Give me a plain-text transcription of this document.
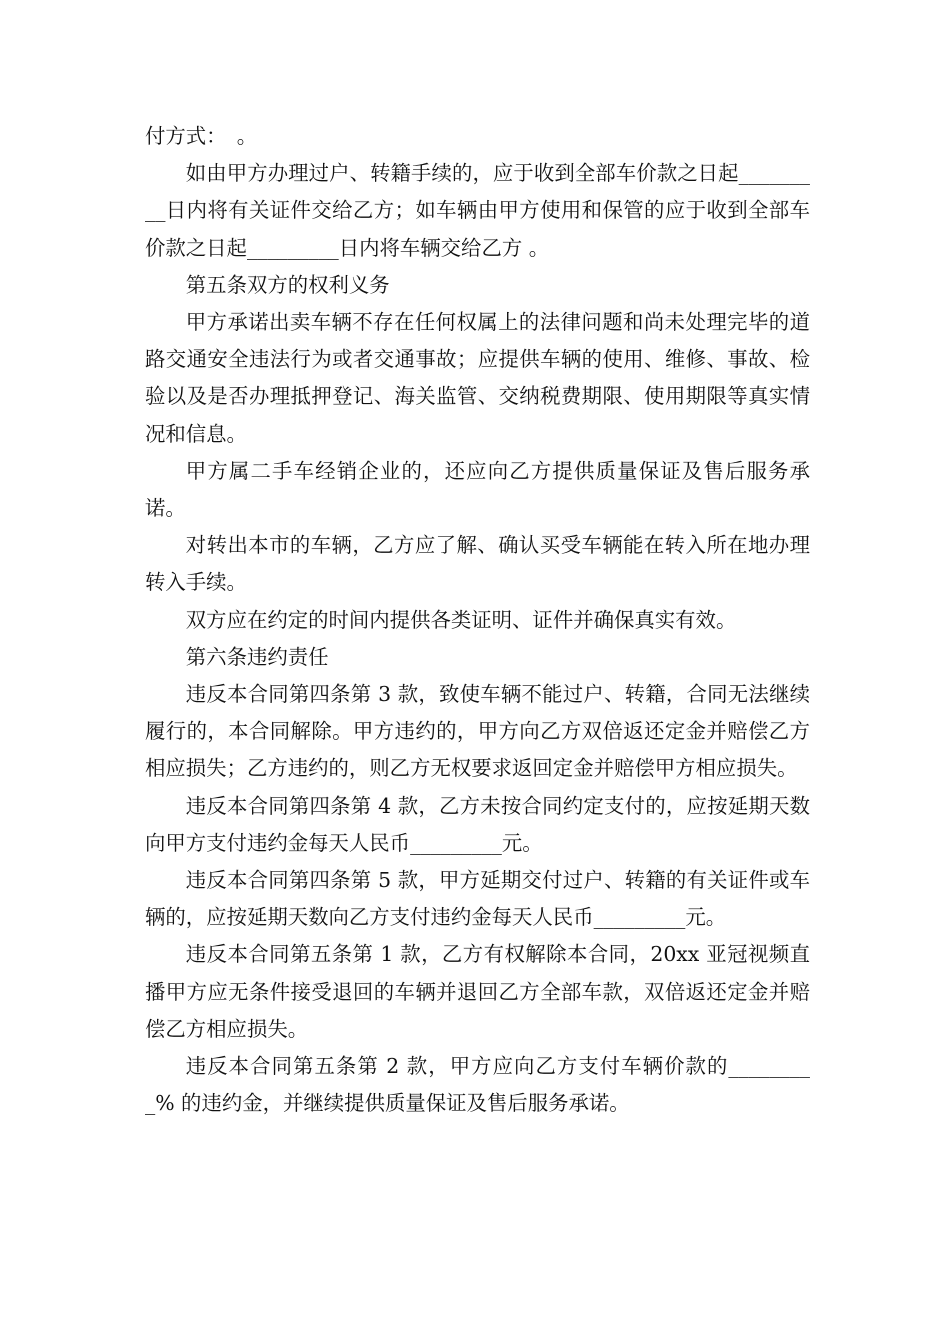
付方式：　。

如由甲方办理过户、转籍手续的，应于收到全部车价款之日起_________日内将有关证件交给乙方；如车辆由甲方使用和保管的应于收到全部车价款之日起_________日内将车辆交给乙方 。

第五条双方的权利义务

甲方承诺出卖车辆不存在任何权属上的法律问题和尚未处理完毕的道路交通安全违法行为或者交通事故；应提供车辆的使用、维修、事故、检验以及是否办理抵押登记、海关监管、交纳税费期限、使用期限等真实情况和信息。

甲方属二手车经销企业的，还应向乙方提供质量保证及售后服务承诺。

对转出本市的车辆，乙方应了解、确认买受车辆能在转入所在地办理转入手续。

双方应在约定的时间内提供各类证明、证件并确保真实有效。

第六条违约责任

违反本合同第四条第 3 款，致使车辆不能过户、转籍，合同无法继续履行的，本合同解除。甲方违约的，甲方向乙方双倍返还定金并赔偿乙方相应损失；乙方违约的，则乙方无权要求返回定金并赔偿甲方相应损失。

违反本合同第四条第 4 款，乙方未按合同约定支付的，应按延期天数向甲方支付违约金每天人民币_________元。

违反本合同第四条第 5 款，甲方延期交付过户、转籍的有关证件或车辆的，应按延期天数向乙方支付违约金每天人民币_________元。

违反本合同第五条第 1 款，乙方有权解除本合同，20xx 亚冠视频直播甲方应无条件接受退回的车辆并退回乙方全部车款，双倍返还定金并赔偿乙方相应损失。

违反本合同第五条第 2 款，甲方应向乙方支付车辆价款的_________% 的违约金，并继续提供质量保证及售后服务承诺。
